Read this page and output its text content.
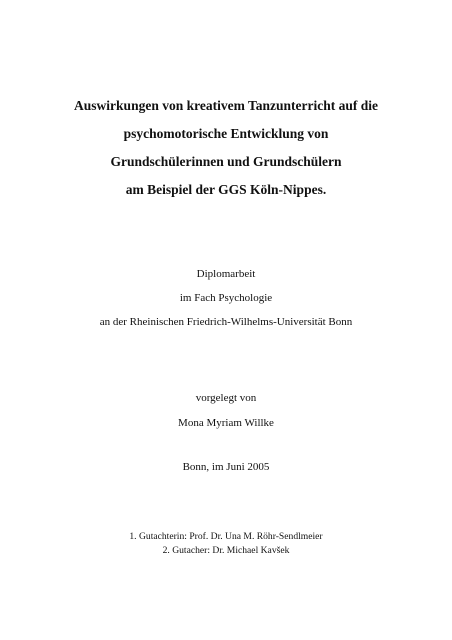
Auswirkungen von kreativem Tanzunterricht auf die
psychomotorische Entwicklung von
Grundschülerinnen und Grundschülern
am Beispiel der GGS Köln-Nippes.
Diplomarbeit
im Fach Psychologie
an der Rheinischen Friedrich-Wilhelms-Universität Bonn
vorgelegt von
Mona Myriam Willke
Bonn, im Juni 2005
1. Gutachterin: Prof. Dr. Una M. Röhr-Sendlmeier
2. Gutacher: Dr. Michael Kavšek
